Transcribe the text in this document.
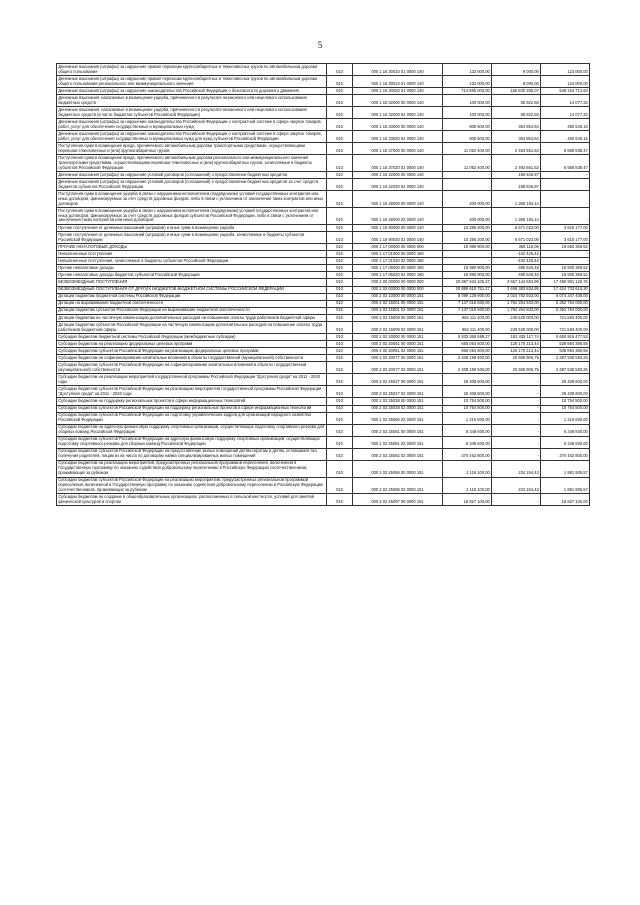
5
Денежные взыскания (штрафы) за нарушение правил перевозки крупногабаритных и тяжеловесных грузов по автомобильным дорогам общего пользования	010	000 1 16 30010 01 0000 140	132 000,00	9 000,00	123 000,00
Денежные взыскания (штрафы) за нарушение правил перевозки крупногабаритных и тяжеловесных грузов по автомобильным дорогам общего пользования регионального или межмуниципального значения	010	000 1 16 30012 01 0000 140	132 000,00	9 000,00	123 000,00
Денежные взыскания (штрафы) за нарушение законодательства Российской Федерации о безопасности дорожного движения	010	000 1 16 30020 01 0000 140	714 865 000,00	166 600 286,07	548 164 713,93
Денежные взыскания, налагаемые в возмещение ущерба, причиненного в результате незаконного или нецелевого использования бюджетных средств	010	000 1 16 32000 00 0000 140	100 000,00	85 922,68	14 077,32
Денежные взыскания, налагаемые в возмещение ущерба, причиненного в результате незаконного или нецелевого использования бюджетных средств (в части бюджетов субъектов Российской Федерации)	010	000 1 16 32000 02 0000 140	100 000,00	85 922,68	14 077,32
Денежные взыскания (штрафы) за нарушение законодательства Российской Федерации о контрактной системе в сфере закупок товаров, работ, услуг для обеспечения государственных и муниципальных нужд	010	000 1 16 33000 00 0000 140	805 500,00	354 854,84	450 645,16
Денежные взыскания (штрафы) за нарушение законодательства Российской Федерации о контрактной системе в сфере закупок товаров, работ, услуг для обеспечения государственных и муниципальных нужд для нужд субъектов Российской Федерации	010	000 1 16 33020 02 0000 140	805 500,00	354 854,84	450 645,16
Поступления сумм в возмещение вреда, причиняемого автомобильным дорогам транспортными средствами, осуществляющими перевозки тяжеловесных и (или) крупногабаритных грузов	010	000 1 16 37000 00 0000 140	11 052 400,00	2 493 561,53	8 558 838,47
Поступления сумм в возмещение вреда, причиняемого автомобильным дорогам регионального или межмуниципального значения транспортными средствами, осуществляющими перевозки тяжеловесных и (или) крупногабаритных грузов, зачисляемые в бюджеты субъектов Российской Федерации	010	000 1 16 37020 02 0000 140	11 052 400,00	2 493 561,53	8 558 838,47
Денежные взыскания (штрафы) за нарушение условий договоров (соглашений) о предоставлении бюджетных кредитов	010	000 1 16 42000 00 0000 140	-	186 546,97	-
Денежные взыскания (штрафы) за нарушение условий договоров (соглашений) о предоставлении бюджетных кредитов за счет средств бюджетов субъектов Российской Федерации	010	000 1 16 42020 02 0000 140	-	186 546,97	-
Поступления сумм в возмещение ущерба в связи с нарушением исполнителем (подрядчиком) условий государственных контрактов или иных договоров, финансируемых за счет средств дорожных фондов, либо в связи с уклонением от заключения таких контрактов или иных договоров	010	000 1 16 46000 00 0000 140	200 000,00	1 360 184,14	-
Поступления сумм в возмещение ущерба в связи с нарушением исполнителем (подрядчиком) условий государственных контрактов или иных договоров, финансируемых за счет средств дорожных фондов субъектов Российской Федерации, либо в связи с уклонением от заключения таких контрактов или иных договоров	010	000 1 16 46000 02 0000 140	200 000,00	1 360 184,14	-
Прочие поступления от денежных взысканий (штрафов) и иных сумм в возмещение ущерба	010	000 1 16 90000 00 0000 140	10 286 200,00	6 671 023,00	3 615 177,00
Прочие поступления от денежных взысканий (штрафов) и иных сумм в возмещение ущерба, зачисляемые в бюджеты субъектов Российской Федерации	010	000 1 16 90020 02 0000 140	10 286 200,00	6 671 023,00	3 615 177,00
ПРОЧИЕ НЕНАЛОГОВЫЕ ДОХОДЫ	010	000 1 17 00000 00 0000 000	19 990 900,00	368 115,06	19 650 359,52
Невыясненные поступления	010	000 1 17 01000 00 0000 180	-	-102 425,42	-
Невыясненные поступления, зачисляемые в бюджеты субъектов Российской Федерации	010	000 1 17 01020 02 0000 180	-	-102 425,42	-
Прочие неналоговые доходы	010	000 1 17 05000 00 0000 180	19 990 900,00	490 540,48	19 500 359,52
Прочие неналоговые доходы бюджетов субъектов Российской Федерации	010	000 1 17 05020 02 0000 180	19 990 900,00	490 540,48	19 500 359,52
БЕЗВОЗМЕЗДНЫЕ ПОСТУПЛЕНИЯ	010	000 2 00 00000 00 0000 000	20 887 634 105,27	3 667 144 653,95	17 480 901 126,76
БЕЗВОЗМЕЗДНЫЕ ПОСТУПЛЕНИЯ ОТ ДРУГИХ БЮДЖЕТОВ БЮДЖЕТНОЙ СИСТЕМЫ РОССИЙСКОЙ ФЕДЕРАЦИИ	010	000 2 02 00000 00 0000 000	20 889 610 751,27	3 469 383 834,95	17 424 733 615,30
Дотации бюджетам бюджетной системы Российской Федерации	010	000 2 02 10000 00 0000 151	8 099 129 900,00	2 024 782 503,00	6 074 347 400,00
Дотации на выравнивание бюджетной обеспеченности	010	000 2 02 15001 00 0000 151	7 137 018 500,00	1 784 254 503,00	5 352 764 000,00
Дотации бюджетам субъектов Российской Федерации на выравнивание бюджетной обеспеченности	010	000 2 02 15001 02 0000 151	7 137 018 500,00	1 784 254 503,00	5 352 764 000,00
Дотации бюджетам на частичную компенсацию дополнительных расходов на повышение оплаты труда работников бюджетной сферы	010	000 2 02 15009 00 0000 151	962 111 400,00	240 528 000,00	721 583 400,00
Дотации бюджетам субъектов Российской Федерации на частичную компенсацию дополнительных расходов на повышение оплаты труда работников бюджетной сферы	010	000 2 02 15009 02 0000 151	962 111 400,00	240 528 000,00	721 583 400,00
Субсидии бюджетам бюджетной системы Российской Федерации (межбюджетные субсидии)	010	000 2 02 20000 00 0000 151	5 833 365 595,27	182 439 117,74	5 650 916 477,53
Субсидии бюджетам на реализацию федеральных целевых программ	010	000 2 02 20051 00 0000 151	665 054 600,00	126 170 213,44	538 884 386,56
Субсидии бюджетам субъектов Российской Федерации на реализацию федеральных целевых программ	010	000 2 02 20051 02 0000 151	665 054 600,00	126 170 213,44	538 884 386,56
Субсидии бюджетам на софинансирование капитальных вложений в объекты государственной (муниципальной) собственности	010	000 2 02 20077 00 0000 151	2 408 198 500,00	20 659 906,75	2 387 538 593,25
Субсидии бюджетам субъектов Российской Федерации на софинансирование капитальных вложений в объекты государственной (муниципальной) собственности	010	000 2 02 20077 02 0000 151	2 408 198 500,00	20 659 906,75	2 387 538 593,25
Субсидии бюджетам на реализацию мероприятий государственной программы Российской Федерации "Доступная среда" на 2011 - 2020 годы	010	000 2 02 25027 00 0000 151	29 408 600,00	-	29 408 600,00
Субсидии бюджетам субъектов Российской Федерации на реализацию мероприятий государственной программы Российской Федерации "Доступная среда" на 2011 - 2020 годы	010	000 2 02 25027 02 0000 151	29 408 600,00	-	29 408 600,00
Субсидии бюджетам на поддержку региональных проектов в сфере информационных технологий	010	000 2 02 25028 00 0000 151	10 754 500,00	-	10 754 500,00
Субсидии бюджетам субъектов Российской Федерации на поддержку региональных проектов в сфере информационных технологий	010	000 2 02 25028 02 0000 151	10 754 500,00	-	10 754 500,00
Субсидии бюджетам субъектов Российской Федерации на подготовку управленческих кадров для организаций народного хозяйства Российской Федерации	010	000 2 02 25066 02 0000 151	1 216 600,00	-	1 216 600,00
Субсидии бюджетам на адресную финансовую поддержку спортивных организаций, осуществляющих подготовку спортивного резерва для сборных команд Российской Федерации	010	000 2 02 25081 00 0000 151	6 348 600,00	-	6 348 600,00
Субсидии бюджетам субъектов Российской Федерации на адресную финансовую поддержку спортивных организаций, осуществляющих подготовку спортивного резерва для сборных команд Российской Федерации	010	000 2 02 25081 02 0000 151	6 348 600,00	-	6 348 600,00
Субсидии бюджетам субъектов Российской Федерации на предоставление жилых помещений детям-сиротам и детям, оставшимся без попечения родителей, лицам из их числа по договорам найма специализированных жилых помещений	010	000 2 02 25082 02 0000 151	370 462 800,00	-	370 462 800,00
Субсидии бюджетам на реализацию мероприятий, предусмотренных региональной программой переселения, включенной в Государственную программу по оказанию содействия добровольному переселению в Российскую Федерацию соотечественников, проживающих за рубежом	010	000 2 02 25086 00 0000 151	2 116 100,00	234 194,43	1 881 905,57
Субсидии бюджетам субъектов Российской Федерации на реализацию мероприятий, предусмотренных региональной программой переселения, включенной в Государственную программу по оказанию содействия добровольному переселению в Российскую Федерацию соотечественников, проживающих за рубежом	010	000 2 02 25086 02 0000 151	2 116 100,00	234 194,43	1 881 905,57
Субсидии бюджетам на создание в общеобразовательных организациях, расположенных в сельской местности, условий для занятий физической культурой и спортом	010	000 2 02 25097 00 0000 151	18 827 100,00	-	18 827 100,00
